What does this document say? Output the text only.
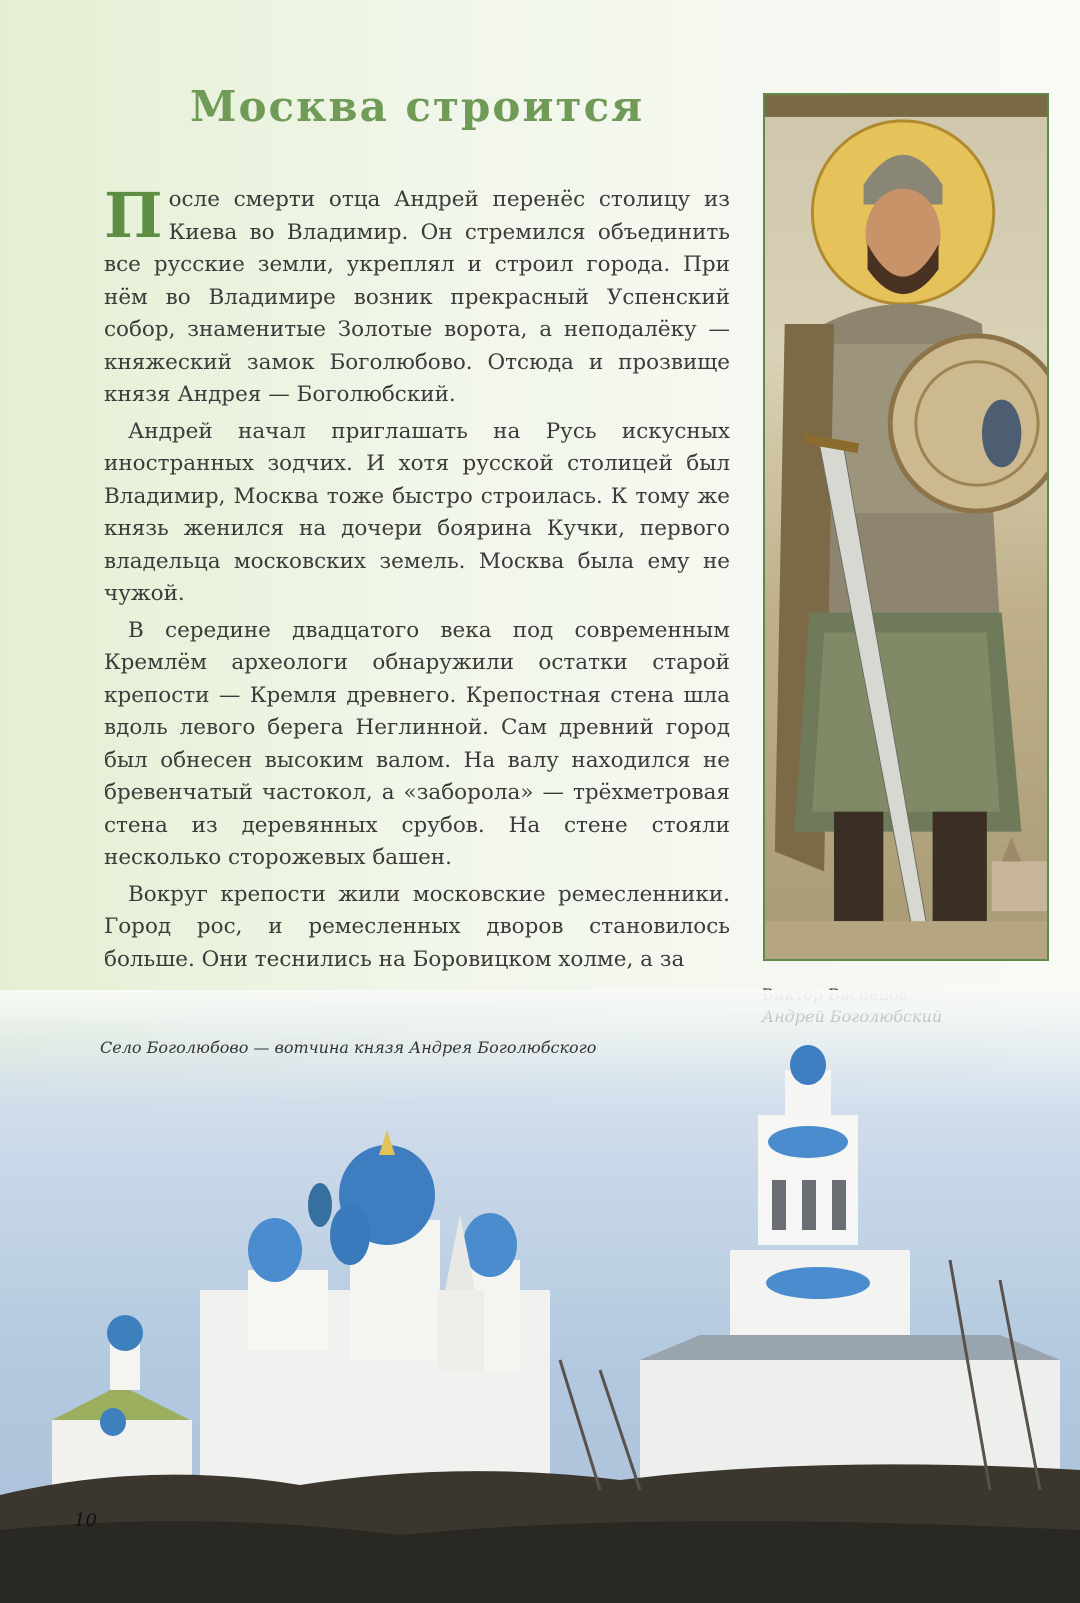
Москва строится

После смерти отца Андрей перенёс столицу из Киева во Владимир. Он стремился объединить все русские земли, укреплял и строил города. При нём во Владимире возник прекрасный Успенский собор, знаменитые Золотые ворота, а неподалёку — княжеский замок Боголюбово. Отсюда и прозвище князя Андрея — Боголюбский.

Андрей начал приглашать на Русь искусных иностранных зодчих. И хотя русской столицей был Владимир, Москва тоже быстро строилась. К тому же князь женился на дочери боярина Кучки, первого владельца московских земель. Москва была ему не чужой.

В середине двадцатого века под современным Кремлём археологи обнаружили остатки старой крепости — Кремля древнего. Крепостная стена шла вдоль левого берега Неглинной. Сам древний город был обнесен высоким валом. На валу находился не бревенчатый частокол, а «заборола» — трёхметровая стена из деревянных срубов. На стене стояли несколько сторожевых башен.

Вокруг крепости жили московские ремесленники. Город рос, и ремесленных дворов становилось больше. Они теснились на Боровицком холме, а за

Село Боголюбово — вотчина князя Андрея Боголюбского
10
